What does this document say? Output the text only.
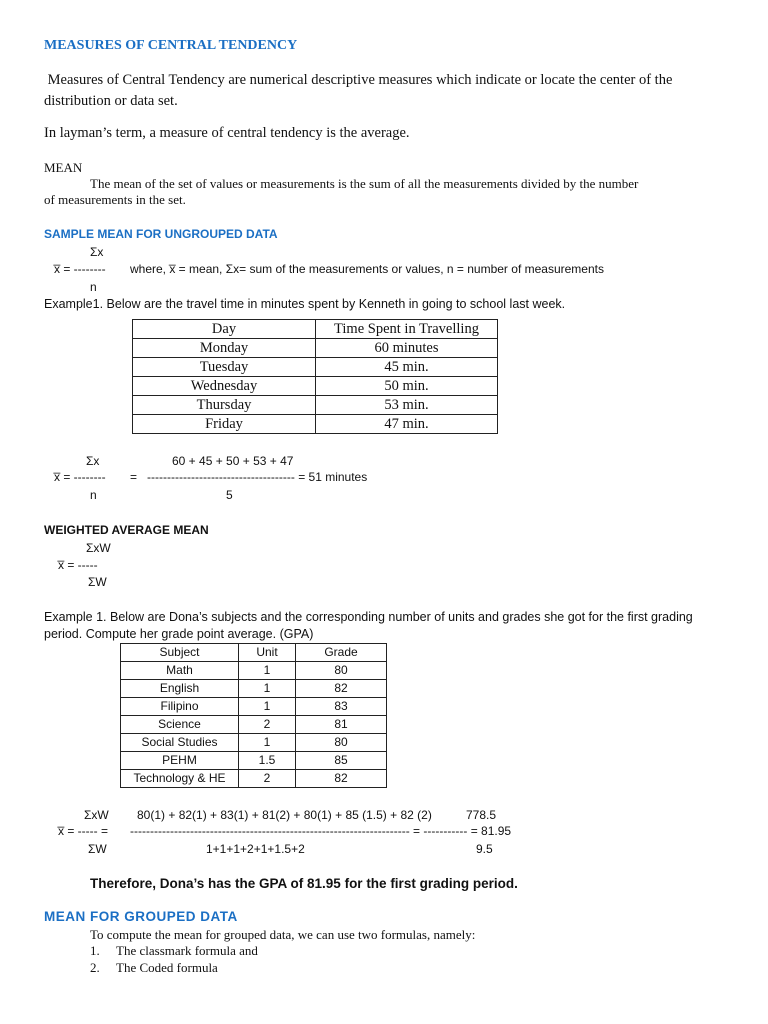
MEASURES OF CENTRAL TENDENCY
Measures of Central Tendency are numerical descriptive measures which indicate or locate the center of the distribution or data set.
In layman’s term, a measure of central tendency is the average.
MEAN
The mean of the set of values or measurements is the sum of all the measurements divided by the number
of measurements in the set.
SAMPLE MEAN FOR UNGROUPED DATA
Σx
x̅ = -------- where, x̅ = mean, Σx= sum of the measurements or values, n = number of measurements
n
Example1. Below are the travel time in minutes spent by Kenneth in going to school last week.
Day	Time Spent in Travelling
Monday	60 minutes
Tuesday	45 min.
Wednesday	50 min.
Thursday	53 min.
Friday	47 min.
Σx	60 + 45 + 50 + 53 + 47
x̅ = -------- = ------------------------------------- = 51 minutes
n	5
WEIGHTED AVERAGE MEAN
ΣxW
x̅ = -----
ΣW
Example 1. Below are Dona’s subjects and the corresponding number of units and grades she got for the first grading period. Compute her grade point average. (GPA)
Subject	Unit	Grade
Math	1	80
English	1	82
Filipino	1	83
Science	2	81
Social Studies	1	80
PEHM	1.5	85
Technology & HE	2	82
ΣxW 80(1) + 82(1) + 83(1) + 81(2) + 80(1) + 85 (1.5) + 82 (2)	778.5
x̅ = ----- = ---------------------------------------------------------------------- = ----------- = 81.95
ΣW	1+1+1+2+1+1.5+2	9.5
Therefore, Dona’s has the GPA of 81.95 for the first grading period.
MEAN FOR GROUPED DATA
To compute the mean for grouped data, we can use two formulas, namely:
1. The classmark formula and
2. The Coded formula
